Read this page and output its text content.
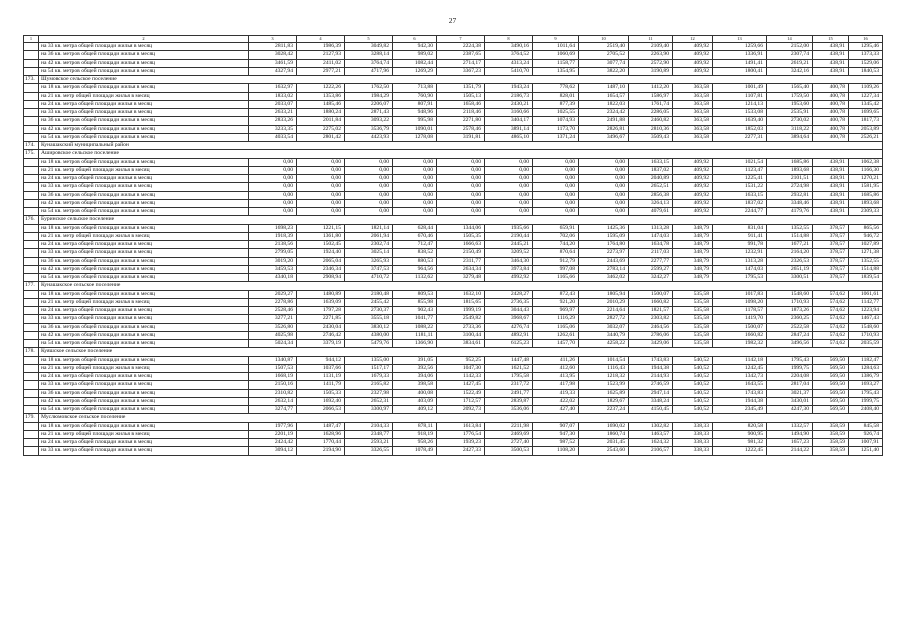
27
1	2	3	4	5	6	7	8	9	10	11	12	13	14	15	16
	на 33 кв. метра общей площади жилья в месяц	2811,83	1986,39	3049,82	942,30	2224,38	3490,16	1011,64	2519,40	2109,40	409,92	1259,66	2152,00	438,91	1295,46
	на 36 кв. метров общей площади жилья в месяц	3028,42	2127,93	3288,14	989,02	2387,65	3764,52	1060,69	2705,52	2263,90	409,92	1336,91	2307,74	438,91	1373,33
	на 42 кв. метров общей площади жилья в месяц	3461,59	2411,02	3764,74	1082,44	2714,17	4313,24	1158,77	3077,74	2572,90	409,92	1491,41	2619,21	438,91	1529,06
	на 54 кв. метров общей площади жилья в месяц	4327,94	2977,21	4717,96	1269,29	3367,23	5410,70	1354,95	3822,20	3190,89	409,92	1800,41	3242,16	438,91	1840,53
173.	Шумовское сельское поселение														
	на 18 кв. метров общей площади жилья в месяц	1632,97	1222,26	1762,50	713,88	1351,79	1943,24	778,62	1487,10	1412,20	363,58	1001,49	1565,40	400,78	1109,26
	на 21 кв. метр общей площади жилья в месяц	1833,02	1353,86	1984,29	760,90	1505,13	2186,73	828,01	1654,57	1586,97	363,58	1107,81	1759,50	400,78	1227,34
	на 24 кв. метра общей площади жилья в месяц	2033,07	1485,46	2206,07	807,91	1658,46	2430,21	877,39	1822,03	1761,74	363,58	1214,13	1953,60	400,78	1345,42
	на 33 кв. метра общей площади жилья в месяц	2633,21	1880,24	2871,43	948,96	2118,46	3160,66	1025,55	2324,42	2286,05	363,58	1533,08	2535,91	400,78	1699,65
	на 36 кв. метров общей площади жилья в месяц	2833,26	2011,84	3093,22	995,98	2271,80	3404,17	1074,93	2491,88	2460,82	363,58	1639,40	2730,02	400,78	1817,73
	на 42 кв. метров общей площади жилья в месяц	3233,35	2275,02	3536,79	1090,01	2578,46	3891,14	1173,70	2826,81	2810,36	363,58	1852,03	3118,22	400,78	2053,89
	на 54 кв. метров общей площади жилья в месяц	4033,54	2801,42	4423,93	1278,08	3191,81	4865,10	1371,24	3496,67	3509,43	363,58	2277,31	3894,64	400,78	2526,21
174.	Кунашакский муниципальный район														
175.	Ашировское сельское поселение														
	на 18 кв. метров общей площади жилья в месяц	0,00	0,00	0,00	0,00	0,00	0,00	0,00	0,00	1633,15	409,92	1021,54	1685,86	438,91	1062,38
	на 21 кв. метр общей площади жилья в месяц	0,00	0,00	0,00	0,00	0,00	0,00	0,00	0,00	1837,02	409,92	1123,47	1893,68	438,91	1166,30
	на 24 кв. метра общей площади жилья в месяц	0,00	0,00	0,00	0,00	0,00	0,00	0,00	0,00	2040,89	409,92	1225,41	2101,51	438,91	1270,21
	на 33 кв. метра общей площади жилья в месяц	0,00	0,00	0,00	0,00	0,00	0,00	0,00	0,00	2652,51	409,92	1531,22	2724,98	438,91	1581,95
	на 36 кв. метров общей площади жилья в месяц	0,00	0,00	0,00	0,00	0,00	0,00	0,00	0,00	2856,38	409,92	1633,15	2932,81	438,91	1685,86
	на 42 кв. метров общей площади жилья в месяц	0,00	0,00	0,00	0,00	0,00	0,00	0,00	0,00	3264,13	409,92	1837,02	3348,46	438,91	1893,68
	на 54 кв. метров общей площади жилья в месяц	0,00	0,00	0,00	0,00	0,00	0,00	0,00	0,00	4079,61	409,92	2244,77	4179,76	438,91	2309,33
176.	Буринское сельское поселение														
	на 18 кв. метров общей площади жилья в месяц	1698,23	1221,15	1821,14	628,44	1344,06	1935,66	659,91	1425,36	1313,28	348,79	831,04	1352,55	378,57	865,56
	на 21 кв. метр общей площади жилья в месяц	1918,39	1361,80	2061,94	670,46	1505,35	2190,44	702,06	1595,09	1474,03	348,79	911,41	1514,88	378,57	946,72
	на 24 кв. метра общей площади жилья в месяц	2138,56	1502,45	2302,74	712,47	1666,63	2445,21	744,20	1764,80	1634,78	348,79	991,78	1677,21	378,57	1027,89
	на 33 кв. метра общей площади жилья в месяц	2799,05	1924,40	3025,14	838,52	2150,49	3209,52	870,64	2273,97	2117,03	348,79	1232,91	2164,20	378,57	1271,38
	на 36 кв. метров общей площади жилья в месяц	3019,20	2065,04	3265,93	880,53	2311,77	3464,30	912,79	2443,69	2277,77	348,79	1313,28	2326,53	378,57	1352,55
	на 42 кв. метров общей площади жилья в месяц	3459,53	2346,34	3747,53	964,56	2634,34	3973,84	997,08	2783,14	2599,27	348,79	1474,03	2651,19	378,57	1514,88
	на 54 кв. метров общей площади жилья в месяц	4340,18	2908,94	4710,72	1132,62	3279,48	4992,92	1165,66	3462,02	3242,27	348,79	1795,53	3300,51	378,57	1839,54
177.	Кунашакское сельское поселение														
	на 18 кв. метров общей площади жилья в месяц	2029,27	1480,89	2180,48	809,53	1632,10	2428,27	872,43	1805,94	1500,07	535,58	1017,83	1548,60	574,62	1061,61
	на 21 кв. метр общей площади жилья в месяц	2278,86	1639,09	2455,42	855,98	1815,65	2736,35	921,20	2010,29	1660,82	535,58	1098,20	1710,93	574,62	1142,77
	на 24 кв. метра общей площади жилья в месяц	2528,46	1797,28	2730,37	902,43	1999,19	3044,43	969,97	2214,64	1821,57	535,58	1178,57	1873,26	574,62	1223,94
	на 33 кв. метра общей площади жилья в месяц	3277,21	2271,85	3555,18	1041,77	2549,82	3968,67	1116,29	2827,72	2303,82	535,58	1419,70	2360,25	574,62	1467,43
	на 36 кв. метров общей площади жилья в месяц	3526,80	2430,04	3830,12	1088,22	2733,36	4276,74	1165,06	3032,07	2464,56	535,58	1500,07	2522,58	574,62	1548,60
	на 42 кв. метров общей площади жилья в месяц	4025,98	2746,42	4380,00	1181,11	3100,44	4892,91	1262,61	3440,79	2786,06	535,58	1660,82	2847,24	574,62	1710,93
	на 54 кв. метров общей площади жилья в месяц	5024,34	3379,19	5479,76	1366,90	3834,61	6125,23	1457,70	4258,22	3429,06	535,58	1982,32	3496,56	574,62	2035,59
178.	Куяшское сельское поселение														
	на 18 кв. метров общей площади жилья в месяц	1340,87	944,12	1355,00	391,05	952,25	1447,48	411,26	1014,54	1743,83	540,52	1142,18	1795,43	569,50	1182,47
	на 21 кв. метр общей площади жилья в месяц	1507,53	1037,66	1517,17	392,56	1047,30	1621,52	412,60	1116,43	1944,38	540,52	1242,45	1999,75	569,50	1284,63
	на 24 кв. метра общей площади жилья в месяц	1668,19	1131,19	1679,33	394,06	1142,33	1795,58	413,95	1218,32	2144,93	540,52	1342,73	2204,08	569,50	1386,79
	на 33 кв. метра общей площади жилья в месяц	2150,16	1411,79	2165,82	398,58	1427,45	2317,72	417,98	1523,99	2746,59	540,52	1643,55	2817,04	569,50	1693,27
	на 36 кв. метров общей площади жилья в месяц	2310,82	1505,33	2327,98	400,08	1522,49	2491,77	419,33	1625,89	2947,14	540,52	1743,83	3021,37	569,50	1795,43
	на 42 кв. метров общей площади жилья в месяц	2632,14	1692,40	2652,31	403,09	1712,57	2839,87	422,02	1829,67	3348,24	540,52	1944,38	3430,01	569,50	1999,75
	на 54 кв. метров общей площади жилья в месяц	3274,77	2066,53	3300,97	409,12	2092,73	3536,06	427,40	2237,24	4150,45	540,52	2345,49	4247,30	569,50	2408,40
179.	Муслюмовское сельское поселение														
	на 18 кв. метров общей площади жилья в месяц	1977,96	1487,47	2104,33	878,11	1613,84	2211,98	907,07	1690,02	1302,82	338,33	820,58	1332,57	358,59	845,58
	на 21 кв. метр общей площади жилья в месяц	2201,19	1628,96	2348,77	918,19	1776,54	2469,69	947,30	1860,74	1463,57	338,33	900,95	1494,90	358,59	926,74
	на 24 кв. метра общей площади жилья в месяц	2424,42	1770,44	2593,21	958,26	1939,23	2727,40	987,52	2031,45	1624,32	338,33	981,32	1657,23	358,59	1007,91
	на 33 кв. метра общей площади жилья в месяц	3094,12	2194,90	3326,55	1078,49	2427,33	3500,53	1108,20	2543,60	2106,57	338,33	1222,45	2144,22	358,59	1251,40
